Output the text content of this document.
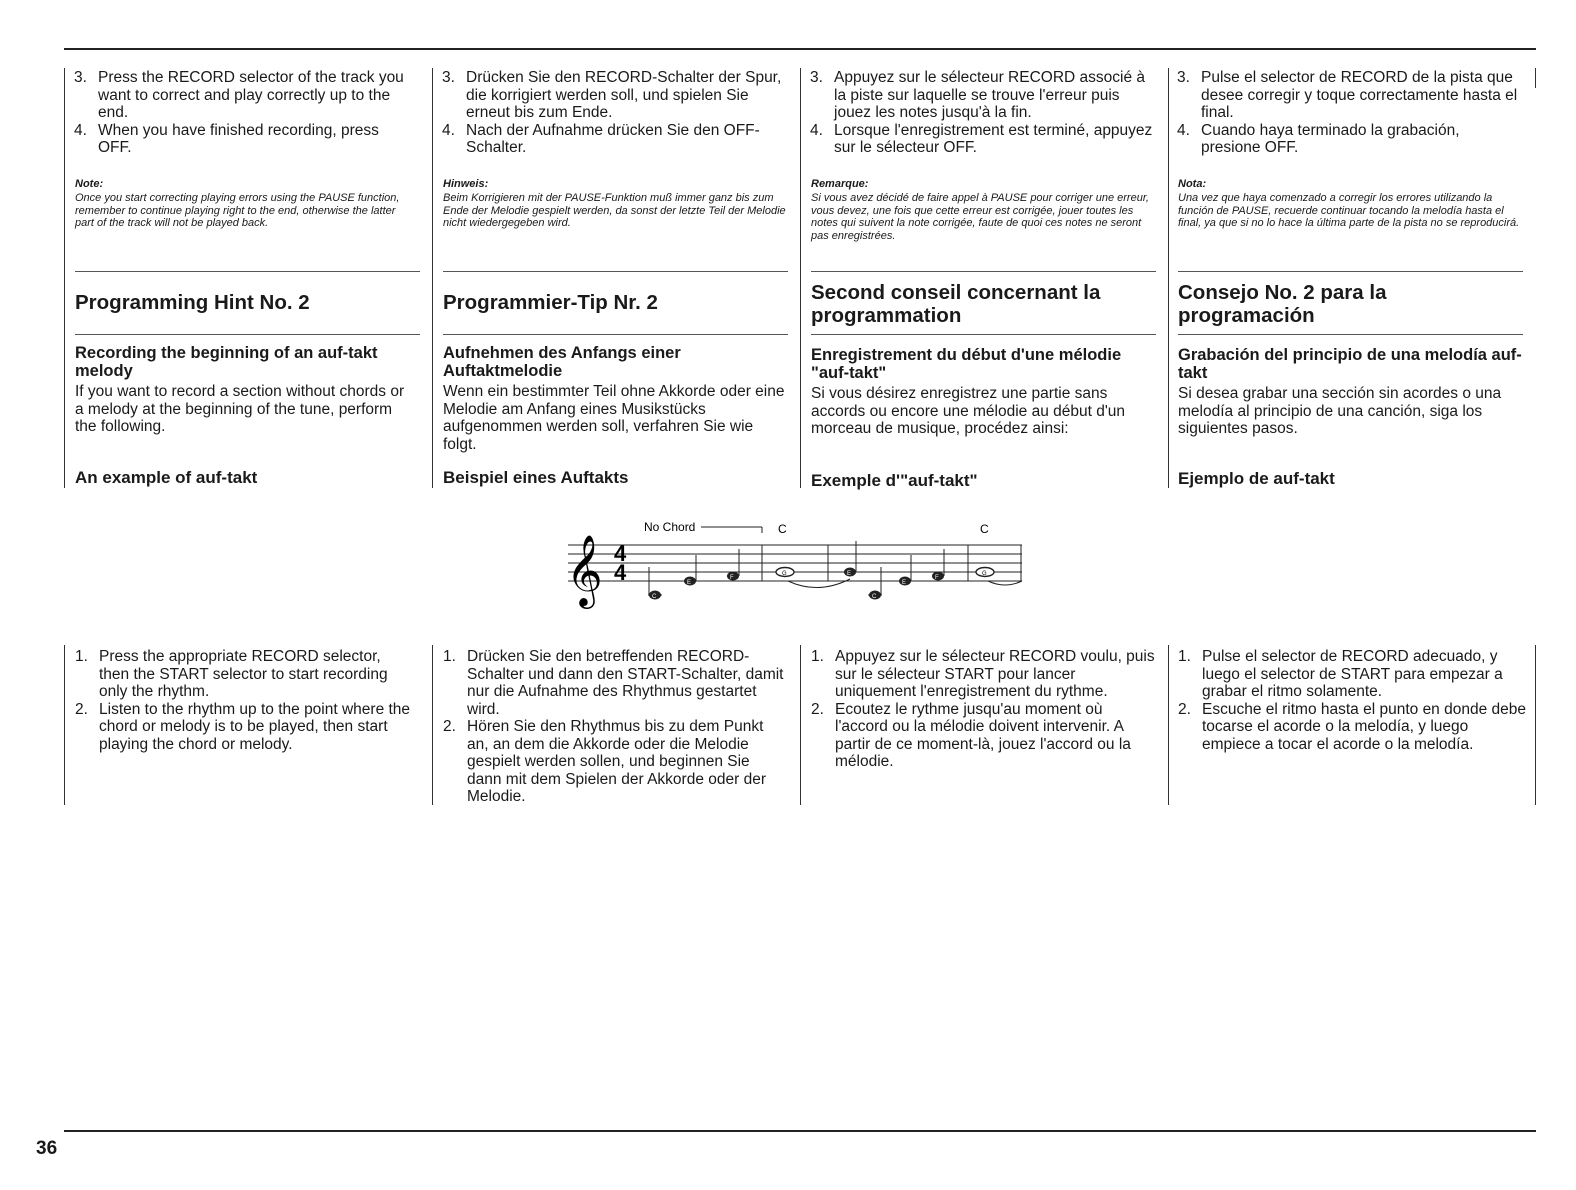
3. Press the RECORD selector of the track you want to correct and play correctly up to the end.
4. When you have finished recording, press OFF.
Note:
Once you start correcting playing errors using the PAUSE function, remember to continue playing right to the end, otherwise the latter part of the track will not be played back.
Programming Hint No. 2
Recording the beginning of an auf-takt melody
If you want to record a section without chords or a melody at the beginning of the tune, perform the following.
An example of auf-takt
1. Press the appropriate RECORD selector, then the START selector to start recording only the rhythm.
2. Listen to the rhythm up to the point where the chord or melody is to be played, then start playing the chord or melody.
3. Drücken Sie den RECORD-Schalter der Spur, die korrigiert werden soll, und spielen Sie erneut bis zum Ende.
4. Nach der Aufnahme drücken Sie den OFF-Schalter.
Hinweis:
Beim Korrigieren mit der PAUSE-Funktion muß immer ganz bis zum Ende der Melodie gespielt werden, da sonst der letzte Teil der Melodie nicht wiedergegeben wird.
Programmier-Tip Nr. 2
Aufnehmen des Anfangs einer Auftaktmelodie
Wenn ein bestimmter Teil ohne Akkorde oder eine Melodie am Anfang eines Musikstücks aufgenommen werden soll, verfahren Sie wie folgt.
Beispiel eines Auftakts
1. Drücken Sie den betreffenden RECORD-Schalter und dann den START-Schalter, damit nur die Aufnahme des Rhythmus gestartet wird.
2. Hören Sie den Rhythmus bis zu dem Punkt an, an dem die Akkorde oder die Melodie gespielt werden sollen, und beginnen Sie dann mit dem Spielen der Akkorde oder der Melodie.
3. Appuyez sur le sélecteur RECORD associé à la piste sur laquelle se trouve l'erreur puis jouez les notes jusqu'à la fin.
4. Lorsque l'enregistrement est terminé, appuyez sur le sélecteur OFF.
Remarque:
Si vous avez décidé de faire appel à PAUSE pour corriger une erreur, vous devez, une fois que cette erreur est corrigée, jouer toutes les notes qui suivent la note corrigée, faute de quoi ces notes ne seront pas enregistrées.
Second conseil concernant la programmation
Enregistrement du début d'une mélodie "auf-takt"
Si vous désirez enregistrez une partie sans accords ou encore une mélodie au début d'un morceau de musique, procédez ainsi:
Exemple d'"auf-takt"
1. Appuyez sur le sélecteur RECORD voulu, puis sur le sélecteur START pour lancer uniquement l'enregistrement du rythme.
2. Ecoutez le rythme jusqu'au moment où l'accord ou la mélodie doivent intervenir. A partir de ce moment-là, jouez l'accord ou la mélodie.
3. Pulse el selector de RECORD de la pista que desee corregir y toque correctamente hasta el final.
4. Cuando haya terminado la grabación, presione OFF.
Nota:
Una vez que haya comenzado a corregir los errores utilizando la función de PAUSE, recuerde continuar tocando la melodía hasta el final, ya que si no lo hace la última parte de la pista no se reproducirá.
Consejo No. 2 para la programación
Grabación del principio de una melodía auf-takt
Si desea grabar una sección sin acordes o una melodía al principio de una canción, siga los siguientes pasos.
Ejemplo de auf-takt
1. Pulse el selector de RECORD adecuado, y luego el selector de START para empezar a grabar el ritmo solamente.
2. Escuche el ritmo hasta el punto en donde debe tocarse el acorde o la melodía, y luego empiece a tocar el acorde o la melodía.
𝄞 4
4
No Chord	C	C
C
E
F
G	E
C
E
F
G
36
